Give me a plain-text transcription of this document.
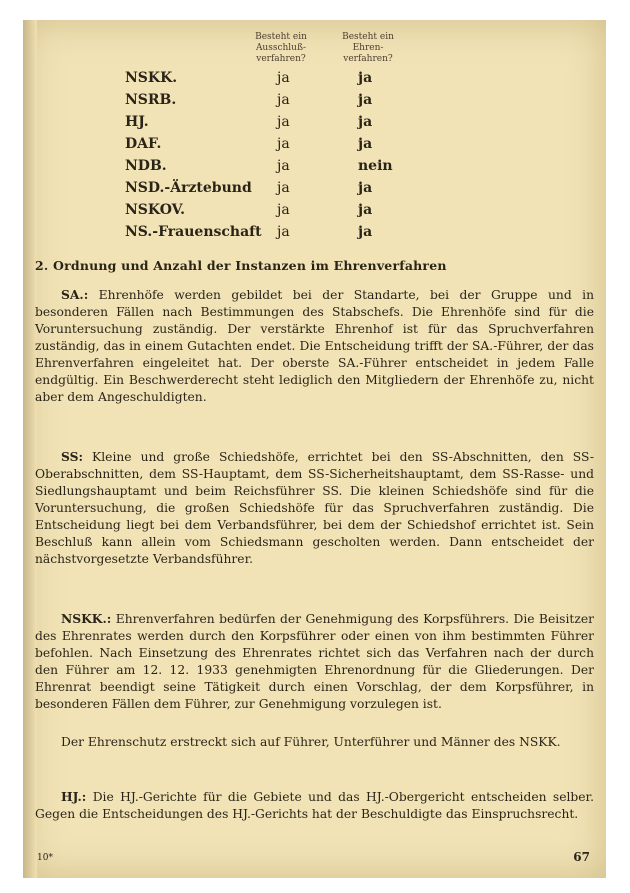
Besteht ein
Ausschluß-
verfahren?
Besteht ein
Ehren-
verfahren?
NSKK.	ja	ja
NSRB.	ja	ja
HJ.	ja	ja
DAF.	ja	ja
NDB.	ja	nein
NSD.-Ärztebund ja	ja
NSKOV.	ja	ja
NS.-Frauenschaft ja	ja
2. Ordnung und Anzahl der Instanzen im Ehrenverfahren
SA.: Ehrenhöfe werden gebildet bei der Standarte, bei der Gruppe und in besonderen Fällen nach Bestimmungen des Stabschefs. Die Ehrenhöfe sind für die Voruntersuchung zuständig. Der verstärkte Ehrenhof ist für das Spruchverfahren zuständig, das in einem Gutachten endet. Die Entscheidung trifft der SA.-Führer, der das Ehrenverfahren eingeleitet hat. Der oberste SA.-Führer entscheidet in jedem Falle endgültig. Ein Beschwerderecht steht lediglich den Mitgliedern der Ehrenhöfe zu, nicht aber dem Angeschuldigten.
SS: Kleine und große Schiedshöfe, errichtet bei den SS-Abschnitten, den SS-Oberabschnitten, dem SS-Hauptamt, dem SS-Sicherheitshauptamt, dem SS-Rasse- und Siedlungshauptamt und beim Reichsführer SS. Die kleinen Schiedshöfe sind für die Voruntersuchung, die großen Schiedshöfe für das Spruchverfahren zuständig. Die Entscheidung liegt bei dem Verbandsführer, bei dem der Schiedshof errichtet ist. Sein Beschluß kann allein vom Schiedsmann gescholten werden. Dann entscheidet der nächstvorgesetzte Verbandsführer.
NSKK.: Ehrenverfahren bedürfen der Genehmigung des Korpsführers. Die Beisitzer des Ehrenrates werden durch den Korpsführer oder einen von ihm bestimmten Führer befohlen. Nach Einsetzung des Ehrenrates richtet sich das Verfahren nach der durch den Führer am 12. 12. 1933 genehmigten Ehrenordnung für die Gliederungen. Der Ehrenrat beendigt seine Tätigkeit durch einen Vorschlag, der dem Korpsführer, in besonderen Fällen dem Führer, zur Genehmigung vorzulegen ist.
Der Ehrenschutz erstreckt sich auf Führer, Unterführer und Männer des NSKK.
HJ.: Die HJ.-Gerichte für die Gebiete und das HJ.-Obergericht entscheiden selber. Gegen die Entscheidungen des HJ.-Gerichts hat der Beschuldigte das Einspruchsrecht.
10*	67
